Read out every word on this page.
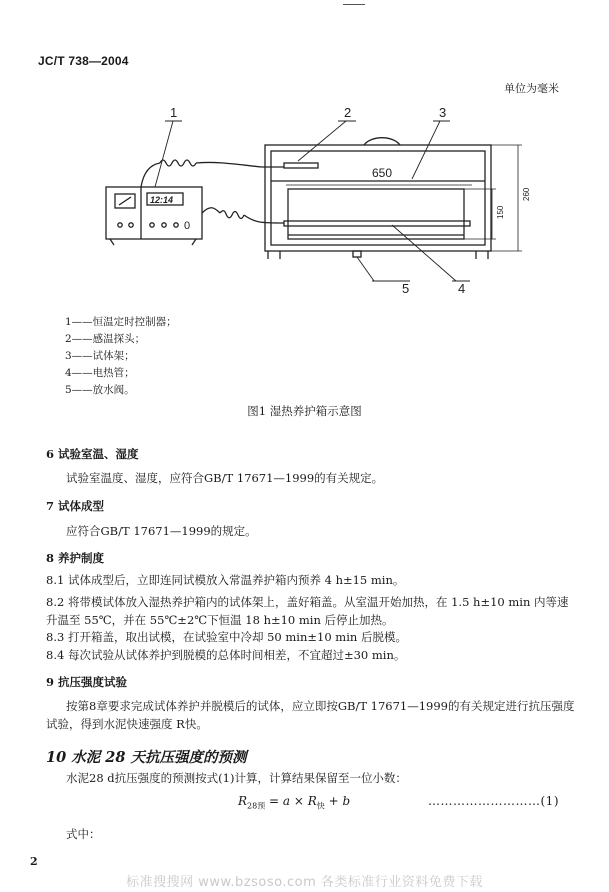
JC/T 738—2004
单位为毫米
1	2	3
5	4
12:14
0
650
260
150
1——恒温定时控制器；
2——感温探头；
3——试体架；
4——电热管；
5——放水阀。
图1 湿热养护箱示意图
6 试验室温、湿度
试验室温度、湿度，应符合GB/T 17671—1999的有关规定。
7 试体成型
应符合GB/T 17671—1999的规定。
8 养护制度
8.1 试体成型后，立即连同试模放入常温养护箱内预养 4 h±15 min。
8.2 将带模试体放入湿热养护箱内的试体架上，盖好箱盖。从室温开始加热，在 1.5 h±10 min 内等速
升温至 55℃，并在 55℃±2℃下恒温 18 h±10 min 后停止加热。
8.3 打开箱盖，取出试模，在试验室中冷却 50 min±10 min 后脱模。
8.4 每次试验从试体养护到脱模的总体时间相差，不宜超过±30 min。
9 抗压强度试验
按第8章要求完成试体养护并脱模后的试体，应立即按GB/T 17671—1999的有关规定进行抗压强度
试验，得到水泥快速强度 R快。
10 水泥 28 天抗压强度的预测
水泥28 d抗压强度的预测按式(1)计算，计算结果保留至一位小数：
$R_{28预} = a \times R_快 + b$	………………………(1)
式中：
2
标准搜搜网 www.bzsoso.com 各类标准行业资料免费下载
